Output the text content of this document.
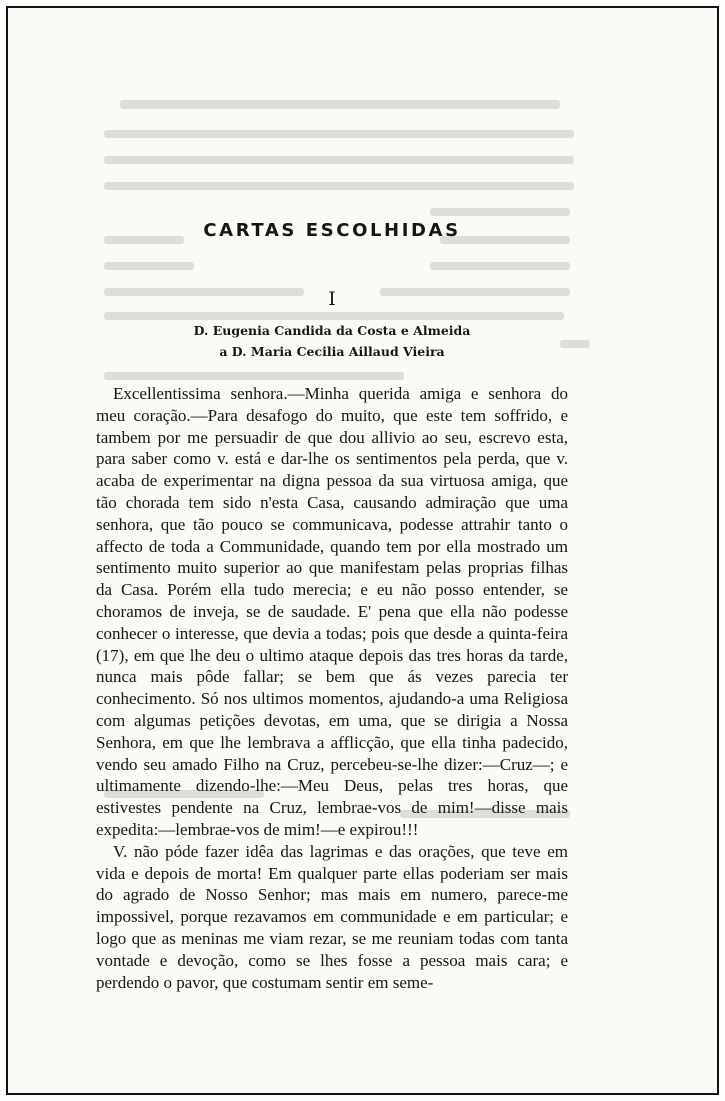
CARTAS ESCOLHIDAS
I
D. Eugenia Candida da Costa e Almeida
a D. Maria Cecilia Aillaud Vieira

Excellentissima senhora.—Minha querida amiga e senhora do meu coração.—Para desafogo do muito, que este tem soffrido, e tambem por me persuadir de que dou allivio ao seu, escrevo esta, para saber como v. está e dar-lhe os sentimentos pela perda, que v. acaba de experimentar na digna pessoa da sua virtuosa amiga, que tão chorada tem sido n'esta Casa, causando admiração que uma senhora, que tão pouco se communicava, podesse attrahir tanto o affecto de toda a Communidade, quando tem por ella mostrado um sentimento muito superior ao que manifestam pelas proprias filhas da Casa. Porém ella tudo merecia; e eu não posso entender, se choramos de inveja, se de saudade. E' pena que ella não podesse conhecer o interesse, que devia a todas; pois que desde a quinta-feira (17), em que lhe deu o ultimo ataque depois das tres horas da tarde, nunca mais pôde fallar; se bem que ás vezes parecia ter conhecimento. Só nos ultimos momentos, ajudando-a uma Religiosa com algumas petições devotas, em uma, que se dirigia a Nossa Senhora, em que lhe lembrava a afflicção, que ella tinha padecido, vendo seu amado Filho na Cruz, percebeu-se-lhe dizer:—Cruz—; e ultimamente dizendo-lhe:—Meu Deus, pelas tres horas, que estivestes pendente na Cruz, lembrae-vos de mim!—disse mais expedita:—lembrae-vos de mim!—e expirou!!!

V. não póde fazer idêa das lagrimas e das orações, que teve em vida e depois de morta! Em qualquer parte ellas poderiam ser mais do agrado de Nosso Senhor; mas mais em numero, parece-me impossivel, porque rezavamos em communidade e em particular; e logo que as meninas me viam rezar, se me reuniam todas com tanta vontade e devoção, como se lhes fosse a pessoa mais cara; e perdendo o pavor, que costumam sentir em seme-
